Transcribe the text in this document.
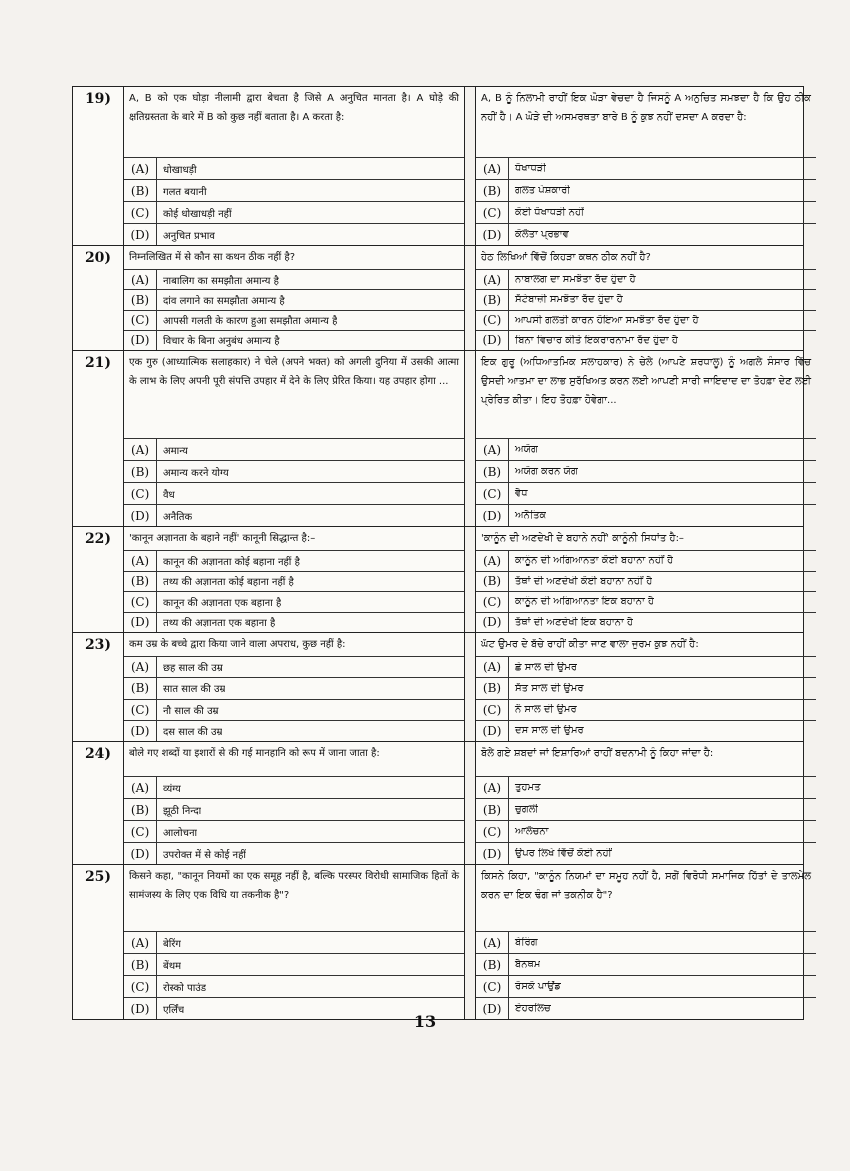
19)	A, B को एक घोड़ा नीलामी द्वारा बेचता है जिसे A अनुचित मानता है। A घोड़े की क्षतिग्रस्तता के बारे में B को कुछ नहीं बताता है। A करता है:
(A)	धोखाधड़ी
(B)	गलत बयानी
(C)	कोई धोखाधड़ी नहीं
(D)	अनुचित प्रभाव
A, B ਨੂੰ ਨਿਲਾਮੀ ਰਾਹੀਂ ਇਕ ਘੋੜਾ ਵੇਚਦਾ ਹੈ ਜਿਸਨੂੰ A ਅਨੁਚਿਤ ਸਮਝਦਾ ਹੈ ਕਿ ਉਹ ਠੀਕ ਨਹੀਂ ਹੈ। A ਘੋੜੇ ਦੀ ਅਸਮਰਥਤਾ ਬਾਰੇ B ਨੂੰ ਕੁਝ ਨਹੀਂ ਦਸਦਾ A ਕਰਦਾ ਹੈ:
(A)	ਧੋਖਾਧੜੀ
(B)	ਗਲਤ ਪੇਸ਼ਕਾਰੀ
(C)	ਕੋਈ ਧੋਖਾਧੜੀ ਨਹੀਂ
(D)	ਕੋਲੋਤਾ ਪ੍ਰਭਾਵ
20)	निम्नलिखित में से कौन सा कथन ठीक नहीं है?
(A)	नाबालिग का समझौता अमान्य है
(B)	दांव लगाने का समझौता अमान्य है
(C)	आपसी गलती के कारण हुआ समझौता अमान्य है
(D)	विचार के बिना अनुबंध अमान्य है
ਹੇਠ ਲਿਖਿਆਂ ਵਿੱਚੋਂ ਕਿਹੜਾ ਕਥਨ ਠੀਕ ਨਹੀਂ ਹੈ?
(A)	ਨਾਬਾਲਗ ਦਾ ਸਮਝੌਤਾ ਰੱਦ ਹੁੰਦਾ ਹੈ
(B)	ਸੱਟੇਬਾਜ਼ੀ ਸਮਝੌਤਾ ਰੱਦ ਹੁੰਦਾ ਹੈ
(C)	ਆਪਸੀ ਗਲਤੀ ਕਾਰਨ ਹੋਇਆ ਸਮਝੌਤਾ ਰੱਦ ਹੁੰਦਾ ਹੈ
(D)	ਬਿਨਾ ਵਿਚਾਰ ਕੀਤੇ ਇਕਰਾਰਨਾਮਾ ਰੱਦ ਹੁੰਦਾ ਹੈ
21)	एक गुरु (आध्यात्मिक सलाहकार) ने चेले (अपने भक्त) को अगली दुनिया में उसकी आत्मा के लाभ के लिए अपनी पूरी संपत्ति उपहार में देने के लिए प्रेरित किया। यह उपहार होगा ...
(A)	अमान्य
(B)	अमान्य करने योग्य
(C)	वैध
(D)	अनैतिक
ਇਕ ਗੁਰੂ (ਅਧਿਆਤਮਿਕ ਸਲਾਹਕਾਰ) ਨੇ ਚੇਲੇ (ਆਪਣੇ ਸ਼ਰਧਾਲੂ) ਨੂੰ ਅਗਲੇ ਸੰਸਾਰ ਵਿੱਚ ਉਸਦੀ ਆਤਮਾ ਦਾ ਲਾਭ ਸੁਰੱਖਿਅਤ ਕਰਨ ਲਈ ਆਪਣੀ ਸਾਰੀ ਜਾਇਦਾਦ ਦਾ ਤੋਹਫ਼ਾ ਦੇਣ ਲਈ ਪ੍ਰੇਰਿਤ ਕੀਤਾ। ਇਹ ਤੋਹਫ਼ਾ ਹੋਵੇਗਾ...
(A)	ਅਯੋਗ
(B)	ਅਯੋਗ ਕਰਨ ਯੋਗ
(C)	ਵੈਧ
(D)	ਅਨੈਤਿਕ
22)	'कानून अज्ञानता के बहाने नहीं' कानूनी सिद्धान्त है:–
(A)	कानून की अज्ञानता कोई बहाना नहीं है
(B)	तथ्य की अज्ञानता कोई बहाना नहीं है
(C)	कानून की अज्ञानता एक बहाना है
(D)	तथ्य की अज्ञानता एक बहाना है
'ਕਾਨੂੰਨ ਦੀ ਅਣਦੇਖੀ ਦੇ ਬਹਾਨੇ ਨਹੀਂ' ਕਾਨੂੰਨੀ ਸਿਧਾਂਤ ਹੈ:–
(A)	ਕਾਨੂੰਨ ਦੀ ਅਗਿਆਨਤਾ ਕੋਈ ਬਹਾਨਾ ਨਹੀਂ ਹੈ
(B)	ਤੱਥਾਂ ਦੀ ਅਣਦੇਖੀ ਕੋਈ ਬਹਾਨਾ ਨਹੀਂ ਹੈ
(C)	ਕਾਨੂੰਨ ਦੀ ਅਗਿਆਨਤਾ ਇਕ ਬਹਾਨਾ ਹੈ
(D)	ਤੱਥਾਂ ਦੀ ਅਣਦੇਖੀ ਇਕ ਬਹਾਨਾ ਹੈ
23)	कम उम्र के बच्चे द्वारा किया जाने वाला अपराध, कुछ नहीं है:
(A)	छह साल की उम्र
(B)	सात साल की उम्र
(C)	नौ साल की उम्र
(D)	दस साल की उम्र
ਘੱਟ ਉਮਰ ਦੇ ਬੱਚੇ ਰਾਹੀਂ ਕੀਤਾ ਜਾਣ ਵਾਲਾ ਜੁਰਮ ਕੁਝ ਨਹੀਂ ਹੈ:
(A)	ਛੇ ਸਾਲ ਦੀ ਉਮਰ
(B)	ਸੱਤ ਸਾਲ ਦੀ ਉਮਰ
(C)	ਨੌ ਸਾਲ ਦੀ ਉਮਰ
(D)	ਦਸ ਸਾਲ ਦੀ ਉਮਰ
24)	बोले गए शब्दों या इशारों से की गई मानहानि को रूप में जाना जाता है:
(A)	व्यंग्य
(B)	झूठी निन्दा
(C)	आलोचना
(D)	उपरोक्त में से कोई नहीं
ਬੋਲੇ ਗਏ ਸ਼ਬਦਾਂ ਜਾਂ ਇਸ਼ਾਰਿਆਂ ਰਾਹੀਂ ਬਦਨਾਮੀ ਨੂੰ ਕਿਹਾ ਜਾਂਦਾ ਹੈ:
(A)	ਤੁਹਮਤ
(B)	ਚੁਗਲੀ
(C)	ਆਲੋਚਨਾ
(D)	ਉਪਰ ਲਿਖੇ ਵਿੱਚੋਂ ਕੋਈ ਨਹੀਂ
25)	किसने कहा, "कानून नियमों का एक समूह नहीं है, बल्कि परस्पर विरोधी सामाजिक हितों के सामंजस्य के लिए एक विधि या तकनीक है"?
(A)	बेरिंग
(B)	बेंथम
(C)	रोस्को पाउंड
(D)	एर्लिंच
ਕਿਸਨੇ ਕਿਹਾ, "ਕਾਨੂੰਨ ਨਿਯਮਾਂ ਦਾ ਸਮੂਹ ਨਹੀਂ ਹੈ, ਸਗੋਂ ਵਿਰੋਧੀ ਸਮਾਜਿਕ ਹਿੱਤਾਂ ਦੇ ਤਾਲਮੇਲ ਕਰਨ ਦਾ ਇਕ ਢੰਗ ਜਾਂ ਤਕਨੀਕ ਹੈ"?
(A)	ਬੇਰਿੰਗ
(B)	ਬੈਨਥਮ
(C)	ਰੋਸਕੋ ਪਾਉਂਡ
(D)	ਏਹਰਲਿਚ
13
